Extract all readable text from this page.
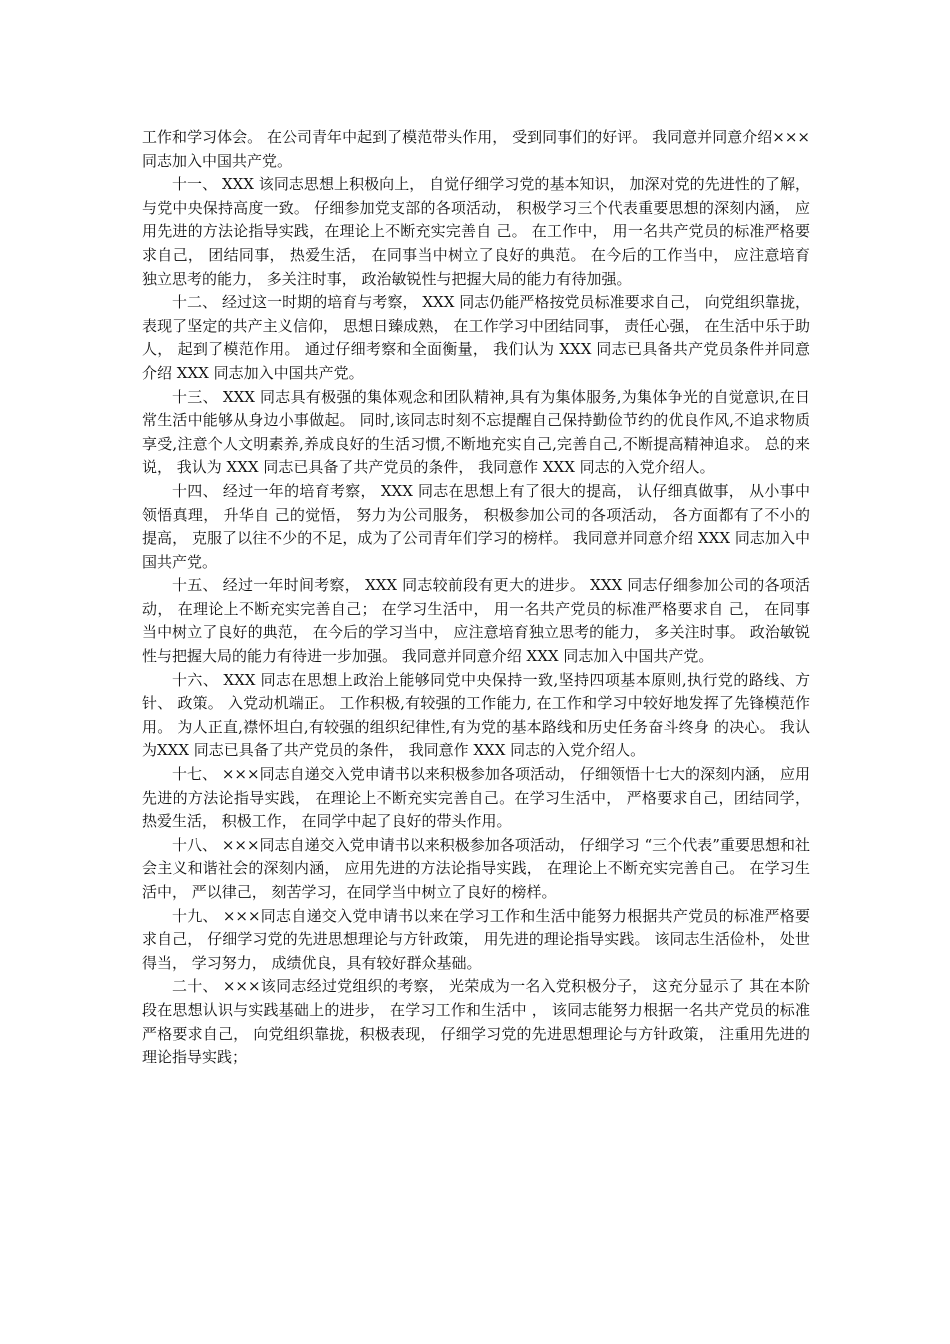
工作和学习体会。 在公司青年中起到了模范带头作用， 受到同事们的好评。 我同意并同意介绍×××同志加入中国共产党。

十一、 XXX 该同志思想上积极向上， 自觉仔细学习党的基本知识， 加深对党的先进性的了解， 与党中央保持高度一致。 仔细参加党支部的各项活动， 积极学习三个代表重要思想的深刻内涵， 应用先进的方法论指导实践，在理论上不断充实完善自 己。 在工作中， 用一名共产党员的标准严格要求自己， 团结同事， 热爱生活， 在同事当中树立了良好的典范。 在今后的工作当中， 应注意培育独立思考的能力， 多关注时事， 政治敏锐性与把握大局的能力有待加强。

十二、 经过这一时期的培育与考察， XXX 同志仍能严格按党员标准要求自己， 向党组织靠拢， 表现了坚定的共产主义信仰， 思想日臻成熟， 在工作学习中团结同事， 责任心强， 在生活中乐于助人， 起到了模范作用。 通过仔细考察和全面衡量， 我们认为 XXX 同志已具备共产党员条件并同意介绍 XXX 同志加入中国共产党。

十三、 XXX 同志具有极强的集体观念和团队精神,具有为集体服务,为集体争光的自觉意识,在日常生活中能够从身边小事做起。 同时,该同志时刻不忘提醒自己保持勤俭节约的优良作风,不追求物质享受,注意个人文明素养,养成良好的生活习惯,不断地充实自己,完善自己,不断提高精神追求。 总的来说， 我认为 XXX 同志已具备了共产党员的条件， 我同意作 XXX 同志的入党介绍人。

十四、 经过一年的培育考察， XXX 同志在思想上有了很大的提高， 认仔细真做事， 从小事中领悟真理， 升华自 己的觉悟， 努力为公司服务， 积极参加公司的各项活动， 各方面都有了不小的提高， 克服了以往不少的不足，成为了公司青年们学习的榜样。 我同意并同意介绍 XXX 同志加入中国共产党。

十五、 经过一年时间考察， XXX 同志较前段有更大的进步。 XXX 同志仔细参加公司的各项活动， 在理论上不断充实完善自己； 在学习生活中， 用一名共产党员的标准严格要求自 己， 在同事当中树立了良好的典范， 在今后的学习当中， 应注意培育独立思考的能力， 多关注时事。 政治敏锐性与把握大局的能力有待进一步加强。 我同意并同意介绍 XXX 同志加入中国共产党。

十六、 XXX 同志在思想上政治上能够同党中央保持一致,坚持四项基本原则,执行党的路线、方针、 政策。 入党动机端正。 工作积极,有较强的工作能力, 在工作和学习中较好地发挥了先锋模范作用。 为人正直,襟怀坦白,有较强的组织纪律性,有为党的基本路线和历史任务奋斗终身 的决心。 我认为XXX 同志已具备了共产党员的条件， 我同意作 XXX 同志的入党介绍人。

十七、 ×××同志自递交入党申请书以来积极参加各项活动， 仔细领悟十七大的深刻内涵， 应用先进的方法论指导实践， 在理论上不断充实完善自己。在学习生活中， 严格要求自己，团结同学， 热爱生活， 积极工作， 在同学中起了良好的带头作用。

十八、 ×××同志自递交入党申请书以来积极参加各项活动， 仔细学习 “三个代表”重要思想和社会主义和谐社会的深刻内涵， 应用先进的方法论指导实践， 在理论上不断充实完善自己。 在学习生活中， 严以律己， 刻苦学习，在同学当中树立了良好的榜样。

十九、 ×××同志自递交入党申请书以来在学习工作和生活中能努力根据共产党员的标准严格要求自己， 仔细学习党的先进思想理论与方针政策， 用先进的理论指导实践。 该同志生活俭朴， 处世得当， 学习努力， 成绩优良，具有较好群众基础。

二十、 ×××该同志经过党组织的考察， 光荣成为一名入党积极分子， 这充分显示了 其在本阶段在思想认识与实践基础上的进步， 在学习工作和生活中 ， 该同志能努力根据一名共产党员的标准严格要求自己， 向党组织靠拢，积极表现， 仔细学习党的先进思想理论与方针政策， 注重用先进的理论指导实践；
